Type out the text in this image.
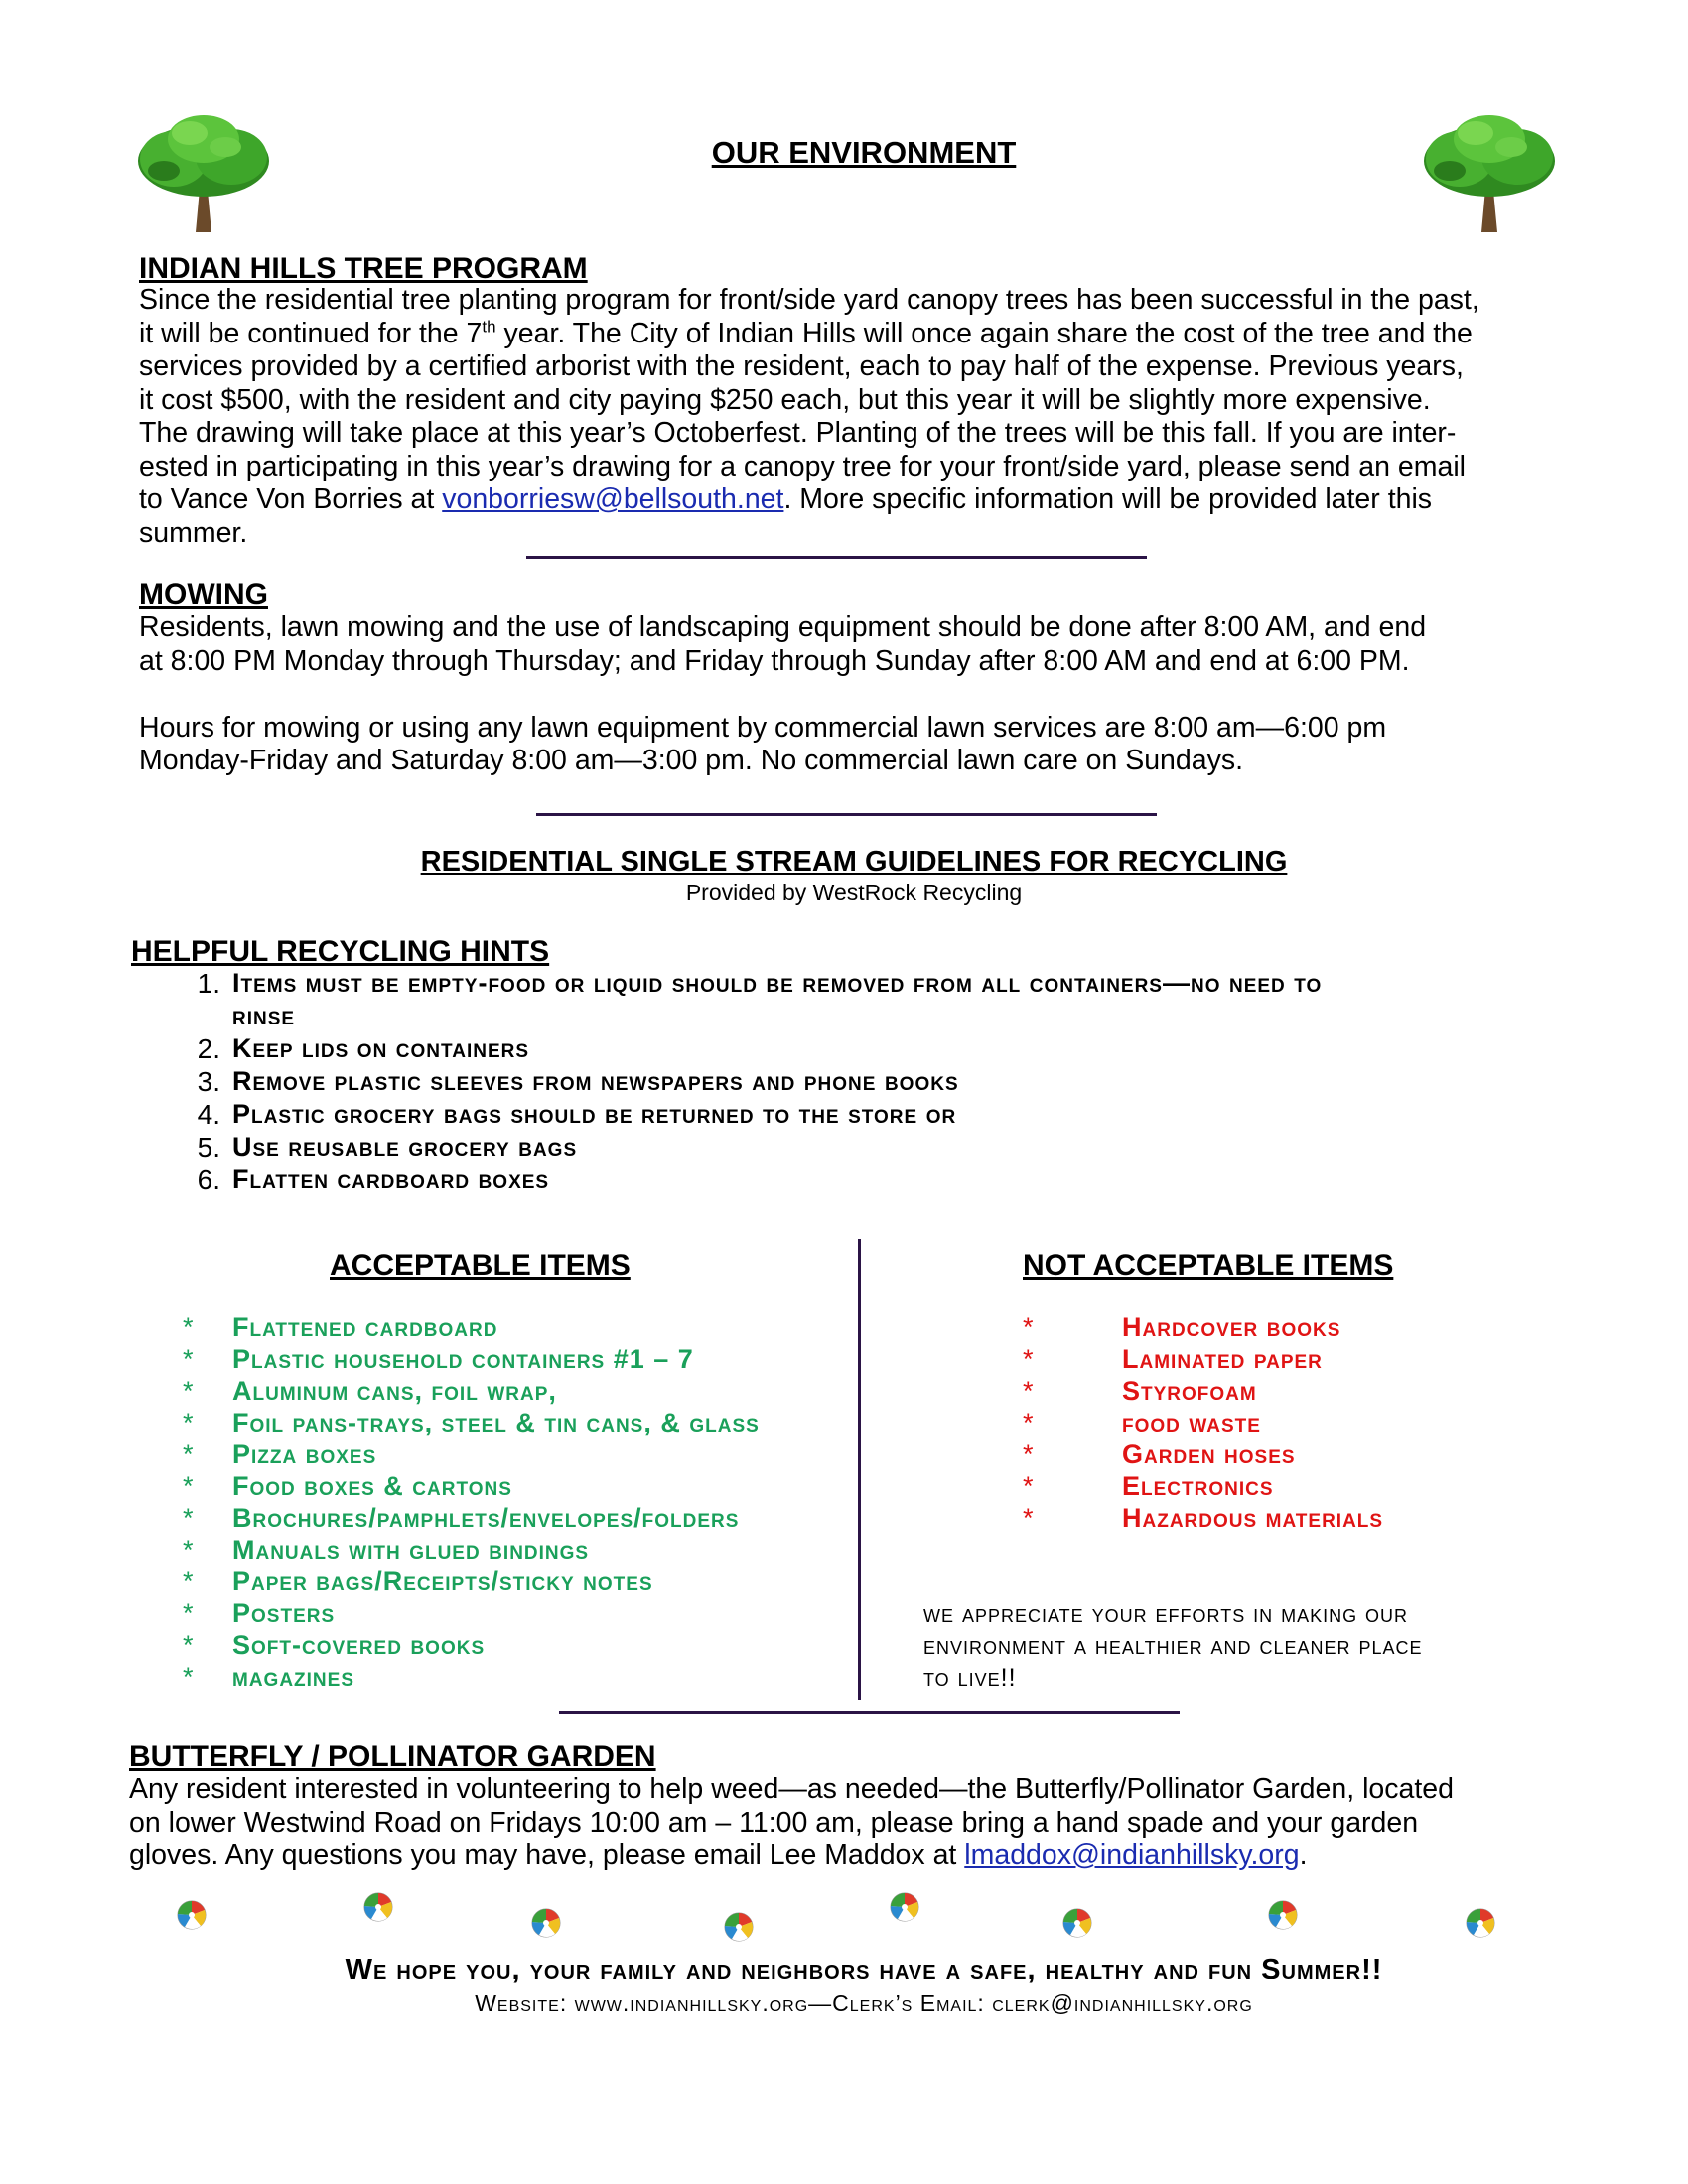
OUR ENVIRONMENT
INDIAN HILLS TREE PROGRAM
Since the residential tree planting program for front/side yard canopy trees has been successful in the past,
it will be continued for the 7th year. The City of Indian Hills will once again share the cost of the tree and the
services provided by a certified arborist with the resident, each to pay half of the expense. Previous years,
it cost $500, with the resident and city paying $250 each, but this year it will be slightly more expensive.
The drawing will take place at this year’s Octoberfest. Planting of the trees will be this fall. If you are inter-
ested in participating in this year’s drawing for a canopy tree for your front/side yard, please send an email
to Vance Von Borries at vonborriesw@bellsouth.net. More specific information will be provided later this
summer.
MOWING
Residents, lawn mowing and the use of landscaping equipment should be done after 8:00 AM, and end
at 8:00 PM Monday through Thursday; and Friday through Sunday after 8:00 AM and end at 6:00 PM.
Hours for mowing or using any lawn equipment by commercial lawn services are 8:00 am—6:00 pm
Monday-Friday and Saturday 8:00 am—3:00 pm. No commercial lawn care on Sundays.
RESIDENTIAL SINGLE STREAM GUIDELINES FOR RECYCLING
Provided by WestRock Recycling
HELPFUL RECYCLING HINTS
1. Items must be empty-food or liquid should be removed from all containers—no need to
rinse
2. Keep lids on containers
3. Remove plastic sleeves from newspapers and phone books
4. Plastic grocery bags should be returned to the store or
5. Use reusable grocery bags
6. Flatten cardboard boxes
ACCEPTABLE ITEMS
* Flattened cardboard
* Plastic household containers #1 – 7
* Aluminum cans, foil wrap,
* Foil pans-trays, steel & tin cans, & glass
* Pizza boxes
* Food boxes & cartons
* Brochures/pamphlets/envelopes/folders
* Manuals with glued bindings
* Paper bags/Receipts/sticky notes
* Posters
* Soft-covered books
* magazines
NOT ACCEPTABLE ITEMS
*	Hardcover books
*	Laminated paper
*	Styrofoam
*	food waste
*	Garden hoses
*	Electronics
*	Hazardous materials
we appreciate your efforts in making our
environment a healthier and cleaner place
to live!!
BUTTERFLY / POLLINATOR GARDEN
Any resident interested in volunteering to help weed—as needed—the Butterfly/Pollinator Garden, located
on lower Westwind Road on Fridays 10:00 am – 11:00 am, please bring a hand spade and your garden
gloves. Any questions you may have, please email Lee Maddox at lmaddox@indianhillsky.org.
We hope you, your family and neighbors have a safe, healthy and fun Summer!!
Website: www.indianhillsky.org—Clerk’s Email: clerk@indianhillsky.org
